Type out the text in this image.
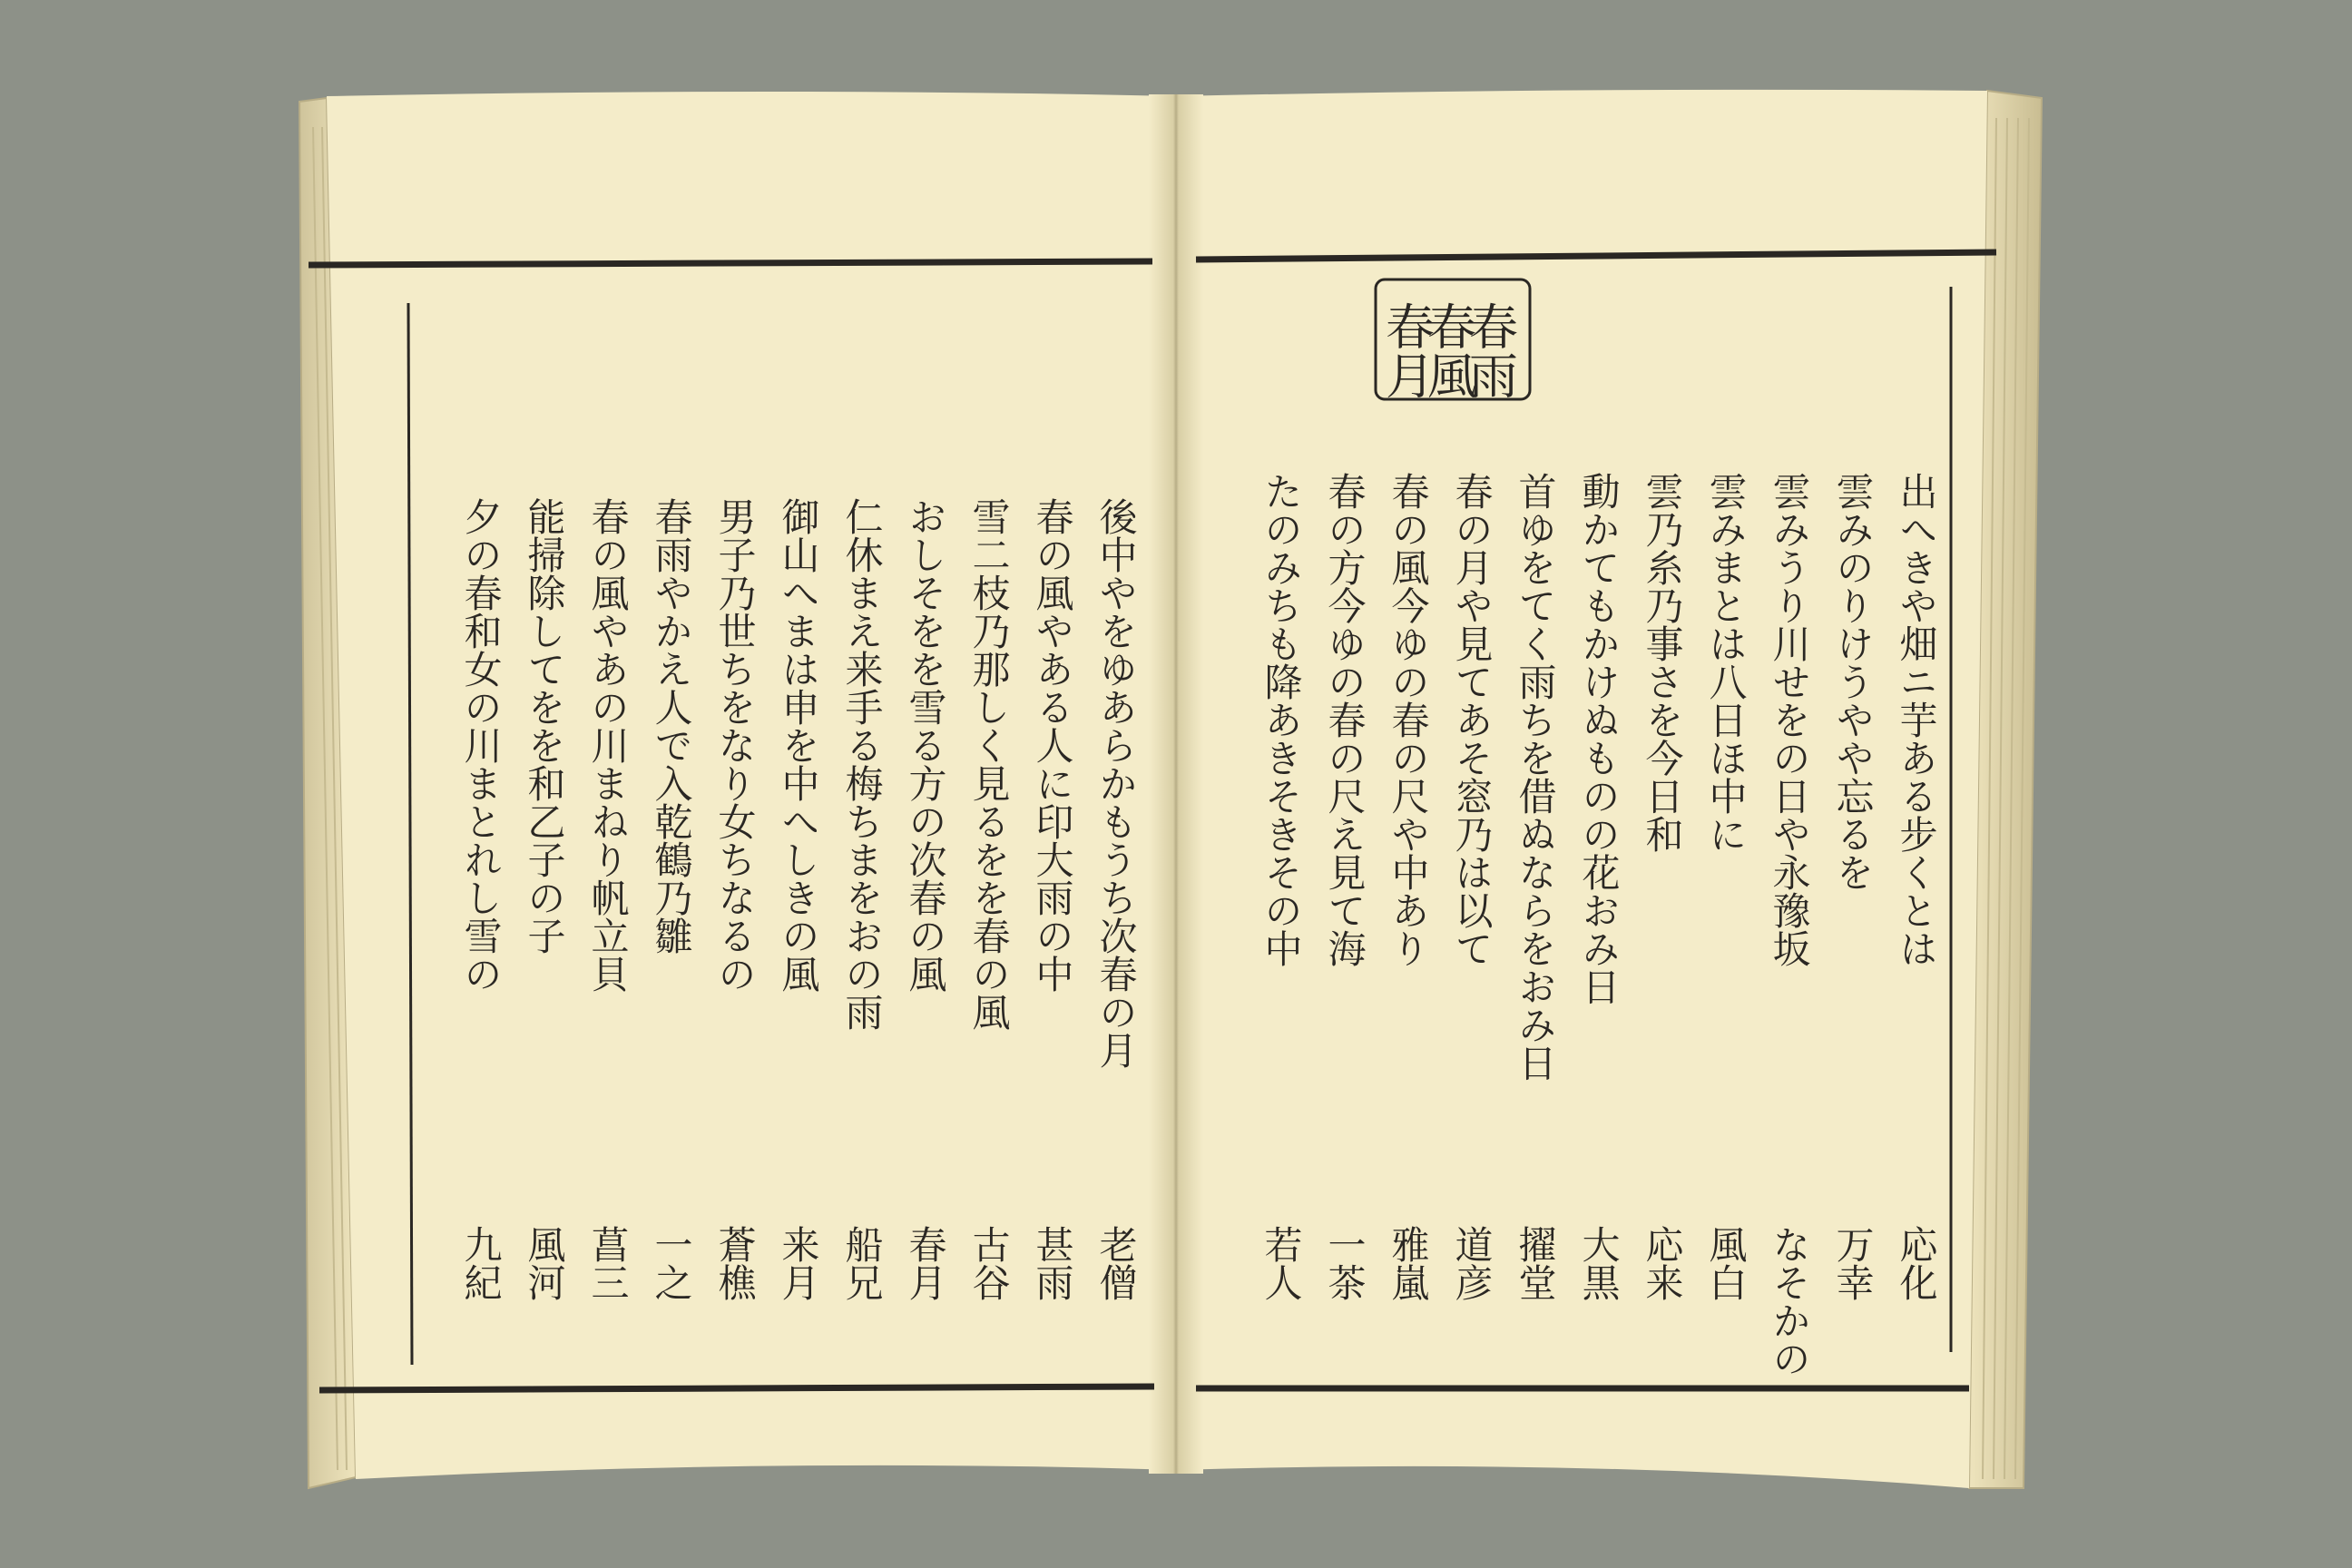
春雨
春風
春月
出へきや畑ニ芋ある步くとは
雲みのりけうやや忘るを
雲みうり川せをの日や永豫坂
雲みまとは八日ほ中に
雲乃糸乃事さを今日和
動かてもかけぬものの花おみ日
首ゆをてく雨ちを借ぬならをおみ日
春の月や見てあそ窓乃は以て
春の風今ゆの春の尺や中あり
春の方今ゆの春の尺え見て海
たのみちも降あきそきその中
応化
万幸
なそかの
風白
応来
大黒
擢堂
道彦
雅嵐
一茶
若人
後中やをゆあらかもうち次春の月
春の風やある人に印大雨の中
雪二枝乃那しく見るをを春の風
おしそをを雪る方の次春の風
仁休まえ来手る梅ちまをおの雨
御山へまは申を中へしきの風
男子乃世ちをなり女ちなるの
春雨やかえ人で入乾鶴乃雛
春の風やあの川まねり帆立貝
能掃除してをを和乙子の子
夕の春和女の川まとれし雪の
老僧
甚雨
古谷
春月
船兄
来月
蒼樵
一之
菖三
風河
九紀
